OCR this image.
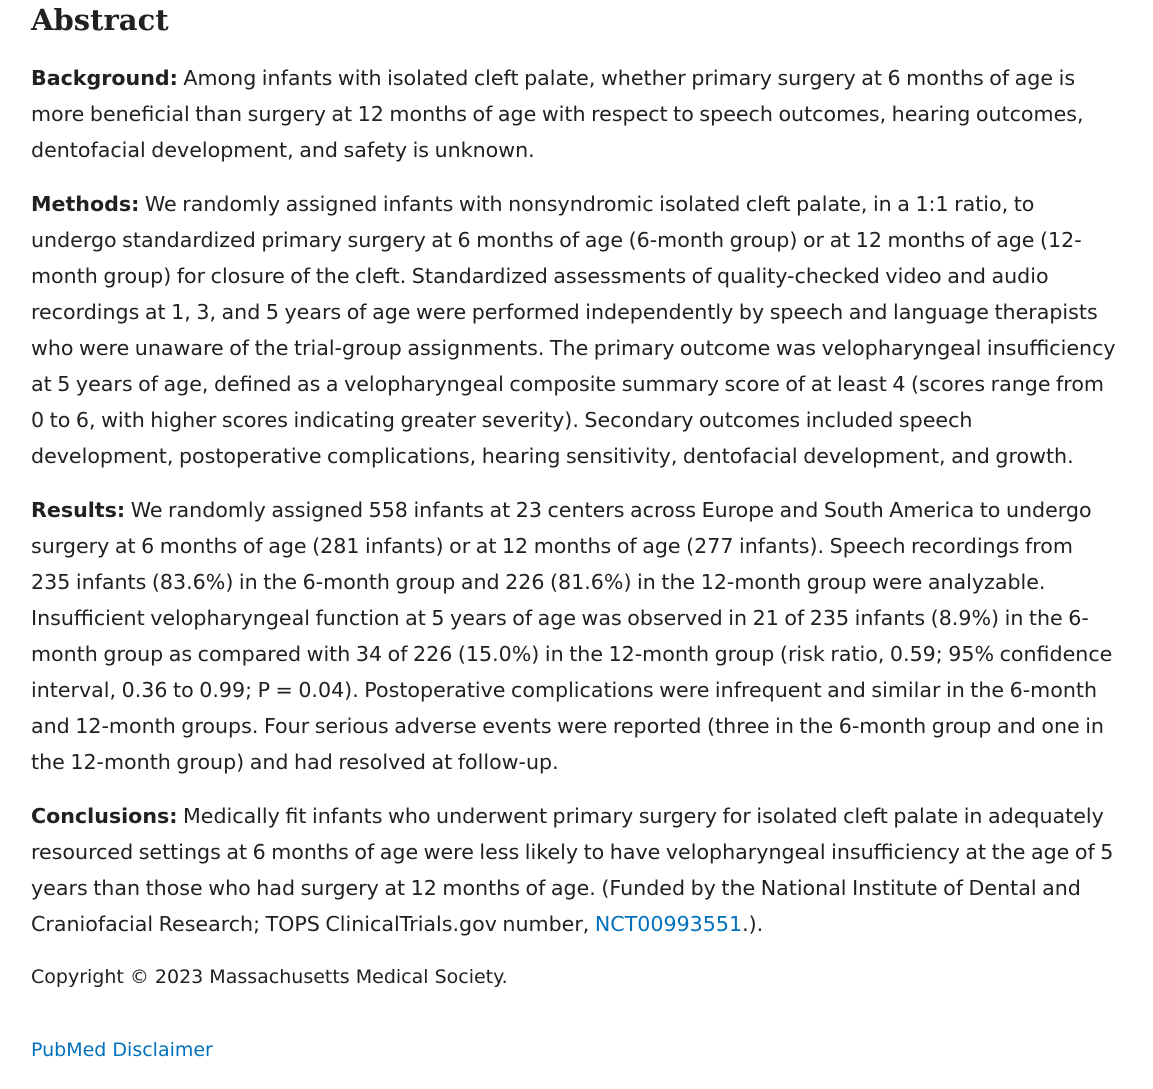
Abstract

Background: Among infants with isolated cleft palate, whether primary surgery at 6 months of age is more beneficial than surgery at 12 months of age with respect to speech outcomes, hearing outcomes, dentofacial development, and safety is unknown.

Methods: We randomly assigned infants with nonsyndromic isolated cleft palate, in a 1:1 ratio, to undergo standardized primary surgery at 6 months of age (6-month group) or at 12 months of age (12-month group) for closure of the cleft. Standardized assessments of quality-checked video and audio recordings at 1, 3, and 5 years of age were performed independently by speech and language therapists who were unaware of the trial-group assignments. The primary outcome was velopharyngeal insufficiency at 5 years of age, defined as a velopharyngeal composite summary score of at least 4 (scores range from 0 to 6, with higher scores indicating greater severity). Secondary outcomes included speech development, postoperative complications, hearing sensitivity, dentofacial development, and growth.

Results: We randomly assigned 558 infants at 23 centers across Europe and South America to undergo surgery at 6 months of age (281 infants) or at 12 months of age (277 infants). Speech recordings from 235 infants (83.6%) in the 6-month group and 226 (81.6%) in the 12-month group were analyzable. Insufficient velopharyngeal function at 5 years of age was observed in 21 of 235 infants (8.9%) in the 6-month group as compared with 34 of 226 (15.0%) in the 12-month group (risk ratio, 0.59; 95% confidence interval, 0.36 to 0.99; P = 0.04). Postoperative complications were infrequent and similar in the 6-month and 12-month groups. Four serious adverse events were reported (three in the 6-month group and one in the 12-month group) and had resolved at follow-up.

Conclusions: Medically fit infants who underwent primary surgery for isolated cleft palate in adequately resourced settings at 6 months of age were less likely to have velopharyngeal insufficiency at the age of 5 years than those who had surgery at 12 months of age. (Funded by the National Institute of Dental and Craniofacial Research; TOPS ClinicalTrials.gov number, NCT00993551.).

Copyright © 2023 Massachusetts Medical Society.

PubMed Disclaimer
